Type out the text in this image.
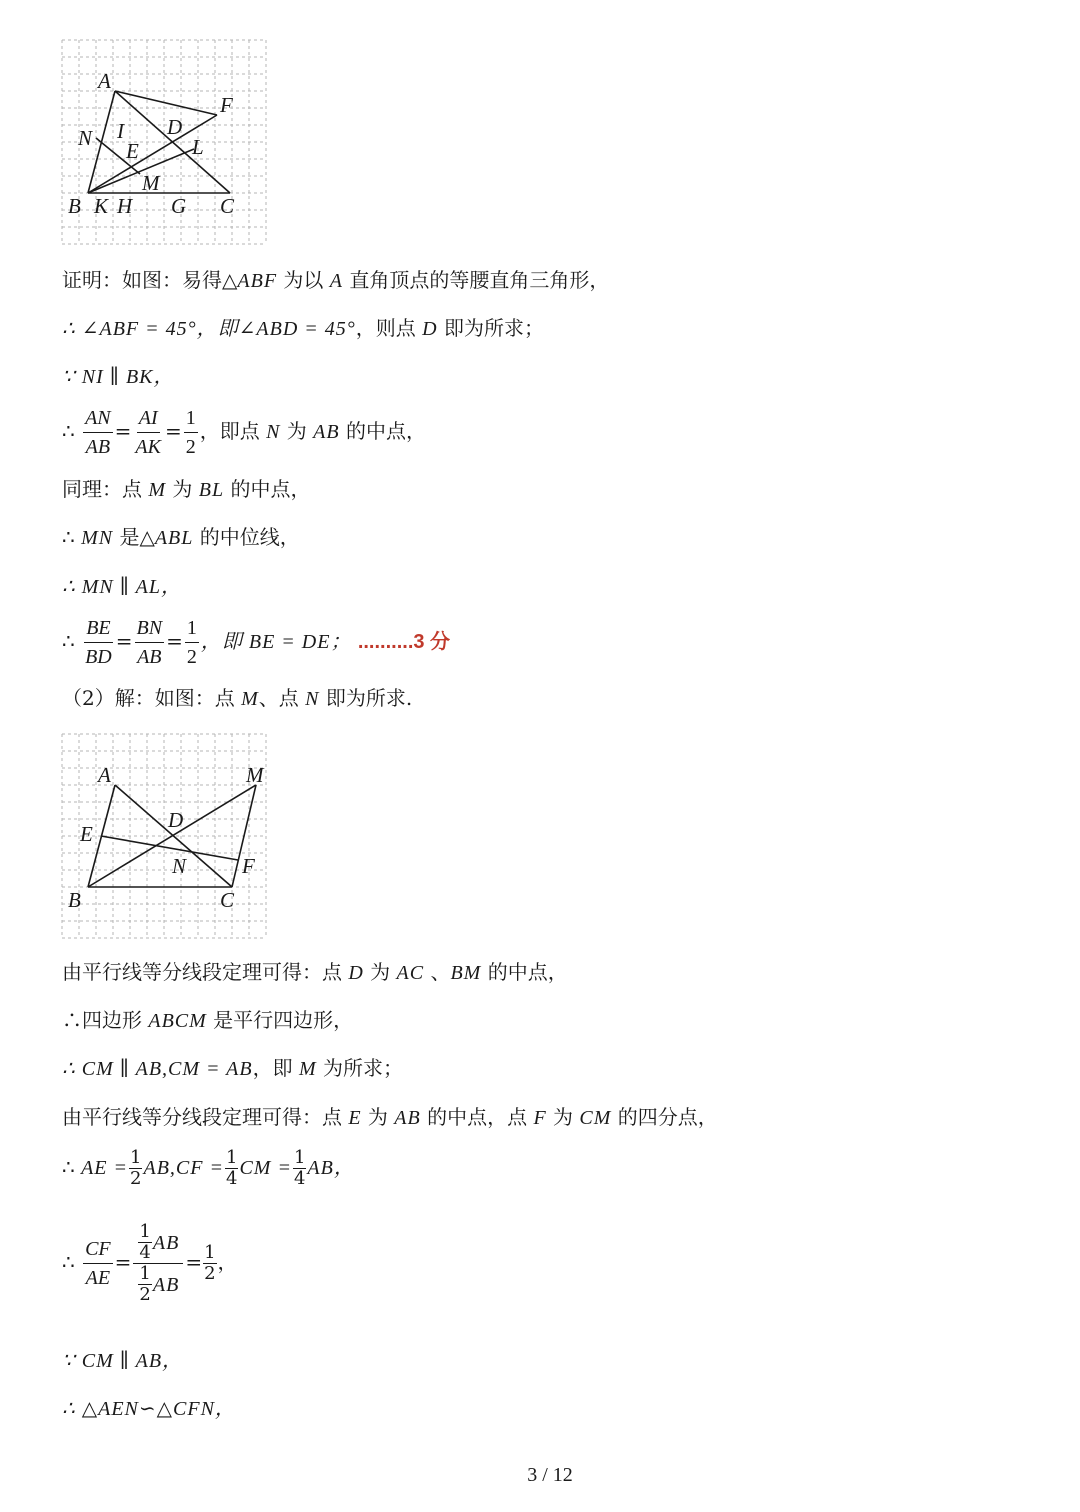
A
F
N I D
E	L
M
B K H G C
证明：如图：易得△ABF 为以 A 直角顶点的等腰直角三角形，
∴ ∠ABF = 45°，即∠ABD = 45°，则点 D 即为所求；
∵ NI ∥ BK，
∴ $\frac{AN}{AB} = \frac{AI}{AK} = \frac{1}{2}$ ，即点 N 为 AB 的中点，
同理：点 M 为 BL 的中点，
∴ MN 是△ABL 的中位线，
∴ MN ∥ AL，
∴ $\frac{BE}{BD} = \frac{BN}{AB} = \frac{1}{2}$ ，即 BE = DE； ..........3 分
（2）解：如图：点 M、点 N 即为所求.
A	M
E
D
N	F
B	C
由平行线等分线段定理可得：点 D 为 AC 、BM 的中点，
∴四边形 ABCM 是平行四边形，
∴ CM ∥ AB,CM = AB，即 M 为所求；
由平行线等分线段定理可得：点 E 为 AB 的中点，点 F 为 CM 的四分点，
∴ AE = $\frac{1}{2} AB,CF = \frac{1}{4}$ CM = $\frac{1}{4}$ AB，
∴ $\frac{CF}{AE} = \frac{\frac{1}{4} AB}{\frac{1}{2} AB} = \frac{1}{2}$ ，
∵ CM ∥ AB，
∴ △AEN∽△CFN，
3 / 12
